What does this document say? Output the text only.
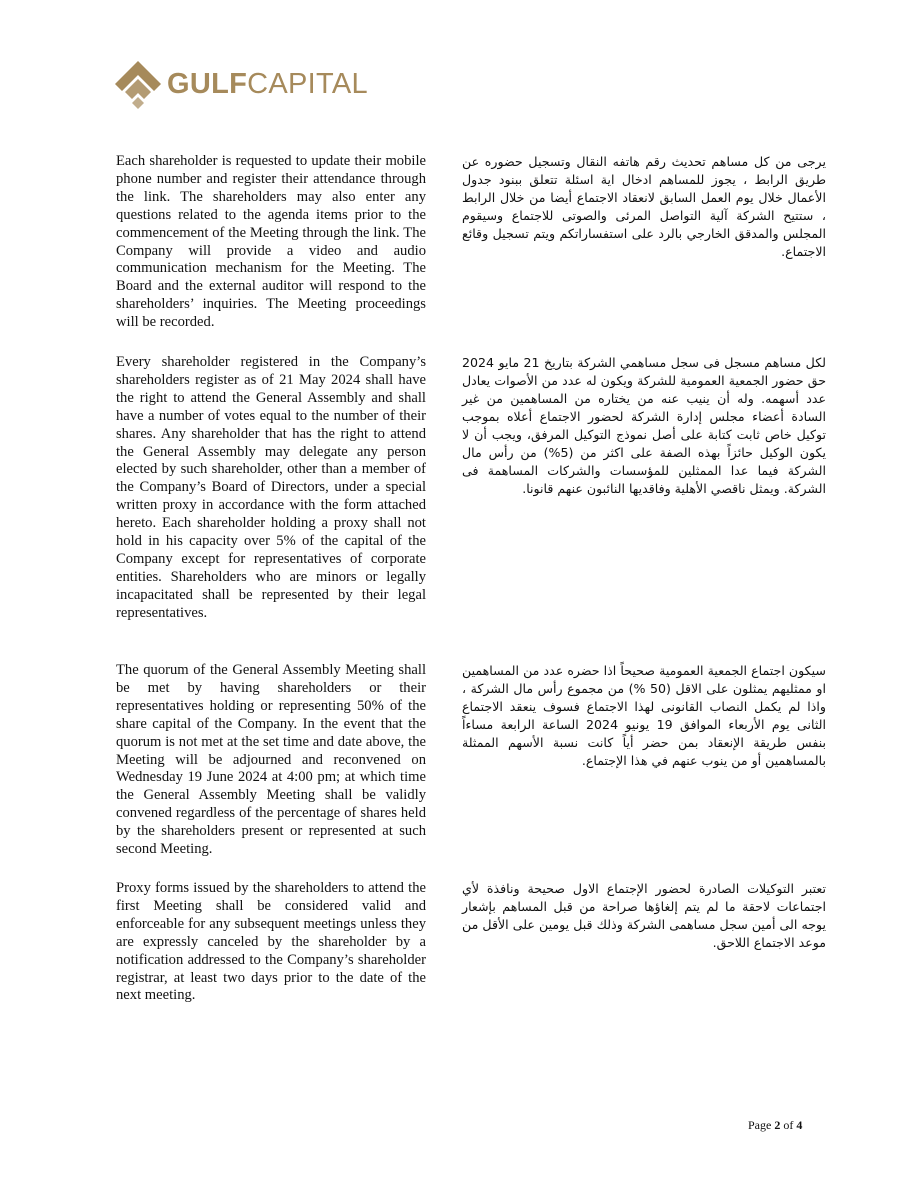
GULFCAPITAL

Each shareholder is requested to update their mobile phone number and register their attendance through the link. The shareholders may also enter any questions related to the agenda items prior to the commencement of the Meeting through the link. The Company will provide a video and audio communication mechanism for the Meeting. The Board and the external auditor will respond to the shareholders’ inquiries. The Meeting proceedings will be recorded.

يرجى من كل مساهم تحديث رقم هاتفه النقال وتسجيل حضوره عن طريق الرابط ، يجوز للمساهم ادخال اية اسئلة تتعلق ببنود جدول الأعمال خلال يوم العمل السابق لانعقاد الاجتماع أيضا من خلال الرابط ، ستتيح الشركة آلية التواصل المرئى والصوتى للاجتماع وسيقوم المجلس والمدقق الخارجي بالرد على استفساراتكم ويتم تسجيل وقائع الاجتماع.

Every shareholder registered in the Company’s shareholders register as of 21 May 2024 shall have the right to attend the General Assembly and shall have a number of votes equal to the number of their shares. Any shareholder that has the right to attend the General Assembly may delegate any person elected by such shareholder, other than a member of the Company’s Board of Directors, under a special written proxy in accordance with the form attached hereto. Each shareholder holding a proxy shall not hold in his capacity over 5% of the capital of the Company except for representatives of corporate entities. Shareholders who are minors or legally incapacitated shall be represented by their legal representatives.

لكل مساهم مسجل فى سجل مساهمي الشركة بتاريخ 21 مايو 2024 حق حضور الجمعية العمومية للشركة ويكون له عدد من الأصوات يعادل عدد أسهمه. وله أن ينيب عنه من يختاره من المساهمين من غير السادة أعضاء مجلس إدارة الشركة لحضور الاجتماع أعلاه بموجب توكيل خاص ثابت كتابة على أصل نموذج التوكيل المرفق، ويجب أن لا يكون الوكيل حائزاً بهذه الصفة على اكثر من (5%) من رأس مال الشركة فيما عدا الممثلين للمؤسسات والشركات المساهمة فى الشركة. ويمثل ناقصي الأهلية وفاقديها النائبون عنهم قانونا.

The quorum of the General Assembly Meeting shall be met by having shareholders or their representatives holding or representing 50% of the share capital of the Company. In the event that the quorum is not met at the set time and date above, the Meeting will be adjourned and reconvened on Wednesday 19 June 2024 at 4:00 pm; at which time the General Assembly Meeting shall be validly convened regardless of the percentage of shares held by the shareholders present or represented at such second Meeting.

سيكون اجتماع الجمعية العمومية صحيحاً اذا حضره عدد من المساهمين او ممثليهم يمثلون على الاقل (50 %) من مجموع رأس مال الشركة ، واذا لم يكمل النصاب القانونى لهذا الاجتماع فسوف ينعقد الاجتماع الثانى يوم الأربعاء الموافق 19 يونيو 2024 الساعة الرابعة مساءاً بنفس طريقة الإنعقاد بمن حضر أياً كانت نسبة الأسهم الممثلة بالمساهمين أو من ينوب عنهم في هذا الإجتماع.

Proxy forms issued by the shareholders to attend the first Meeting shall be considered valid and enforceable for any subsequent meetings unless they are expressly canceled by the shareholder by a notification addressed to the Company’s shareholder registrar, at least two days prior to the date of the next meeting.

تعتبر التوكيلات الصادرة لحضور الإجتماع الاول صحيحة ونافذة لأي اجتماعات لاحقة ما لم يتم إلغاؤها صراحة من قبل المساهم بإشعار يوجه الى أمين سجل مساهمى الشركة وذلك قبل يومين على الأقل من موعد الاجتماع اللاحق.

Page 2 of 4
